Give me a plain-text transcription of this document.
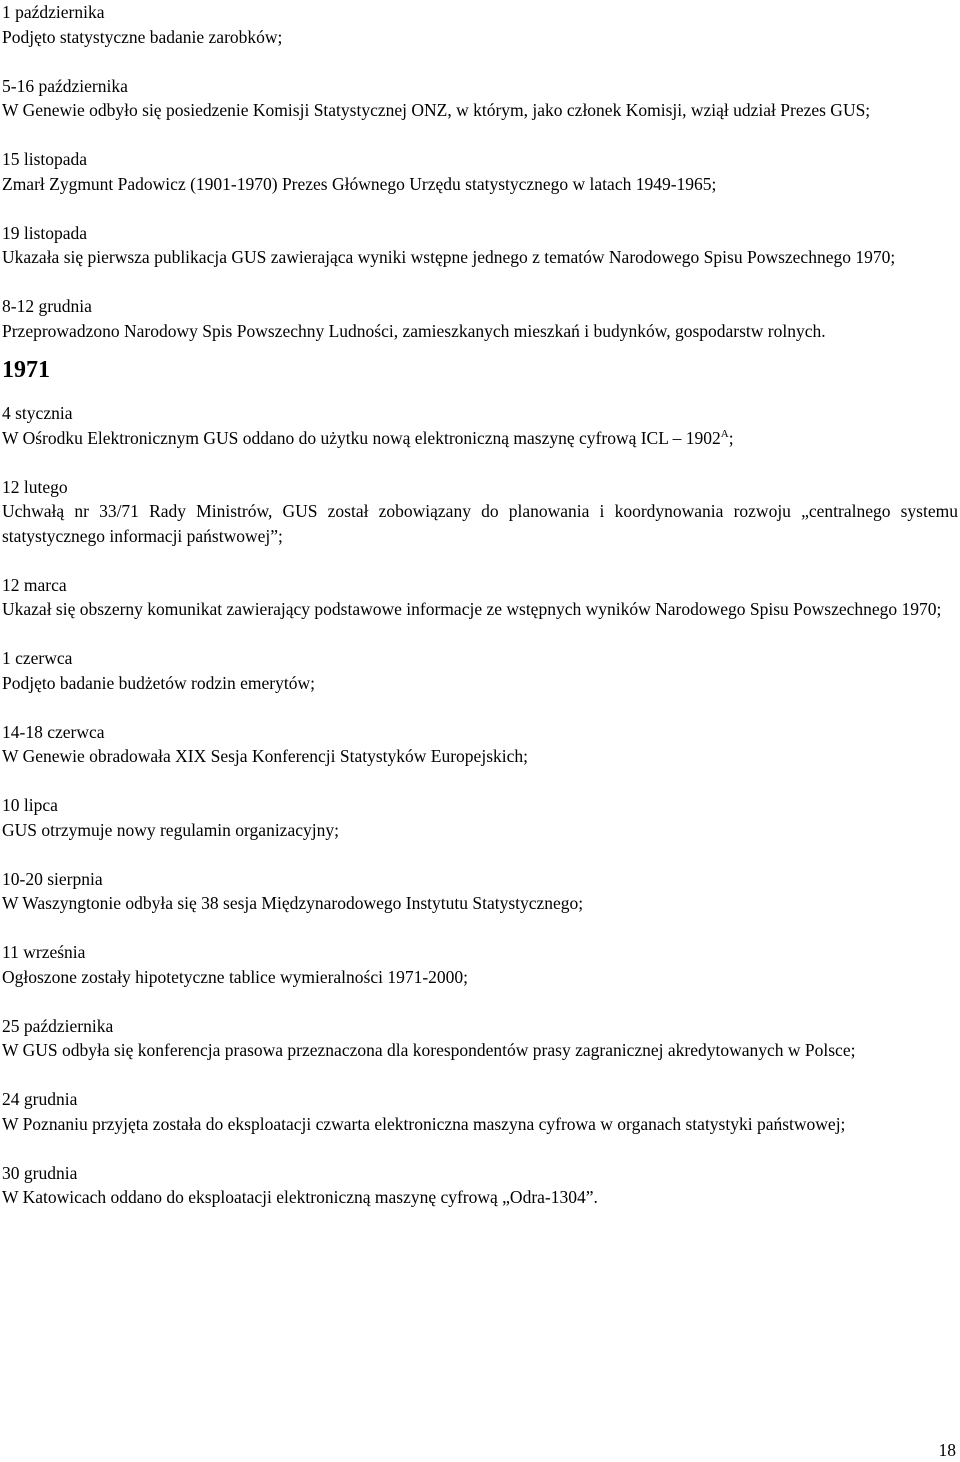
1 października
Podjęto statystyczne badanie zarobków;
5-16 października
W Genewie odbyło się posiedzenie Komisji Statystycznej ONZ, w którym, jako członek Komisji, wziął udział Prezes GUS;
15 listopada
Zmarł Zygmunt Padowicz (1901-1970) Prezes Głównego Urzędu statystycznego w latach 1949-1965;
19 listopada
Ukazała się pierwsza publikacja GUS zawierająca wyniki wstępne jednego z tematów Narodowego Spisu Powszechnego 1970;
8-12 grudnia
Przeprowadzono Narodowy Spis Powszechny Ludności, zamieszkanych mieszkań i budynków, gospodarstw rolnych.
1971
4 stycznia
W Ośrodku Elektronicznym GUS oddano do użytku nową elektroniczną maszynę cyfrową ICL – $1902^A$;
12 lutego
Uchwałą nr 33/71 Rady Ministrów, GUS został zobowiązany do planowania i koordynowania rozwoju „centralnego systemu statystycznego informacji państwowej”;
12 marca
Ukazał się obszerny komunikat zawierający podstawowe informacje ze wstępnych wyników Narodowego Spisu Powszechnego 1970;
1 czerwca
Podjęto badanie budżetów rodzin emerytów;
14-18 czerwca
W Genewie obradowała XIX Sesja Konferencji Statystyków Europejskich;
10 lipca
GUS otrzymuje nowy regulamin organizacyjny;
10-20 sierpnia
W Waszyngtonie odbyła się 38 sesja Międzynarodowego Instytutu Statystycznego;
11 września
Ogłoszone zostały hipotetyczne tablice wymieralności 1971-2000;
25 października
W GUS odbyła się konferencja prasowa przeznaczona dla korespondentów prasy zagranicznej akredytowanych w Polsce;
24 grudnia
W Poznaniu przyjęta została do eksploatacji czwarta elektroniczna maszyna cyfrowa w organach statystyki państwowej;
30 grudnia
W Katowicach oddano do eksploatacji elektroniczną maszynę cyfrową „Odra-1304”.
18
